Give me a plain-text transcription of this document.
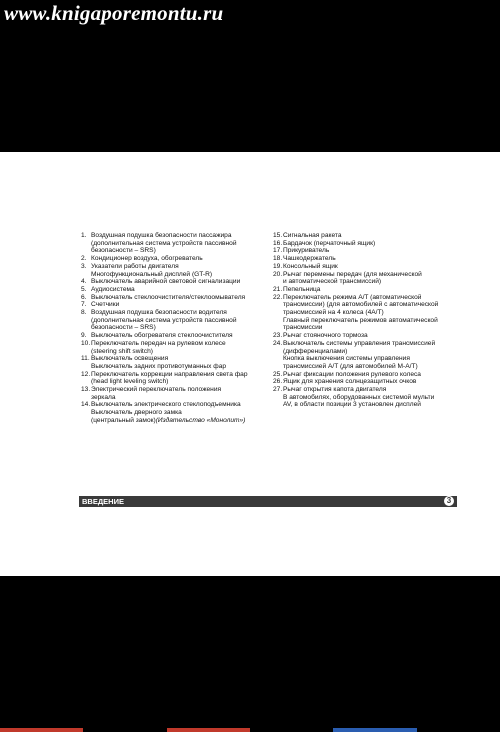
www.knigaporemontu.ru
1. Воздушная подушка безопасности пассажира
(дополнительная система устройств пассивной
безопасности – SRS)
2. Кондиционер воздуха, обогреватель
3. Указатели работы двигателя
Многофункциональный дисплей (GT-R)
4. Выключатель аварийной световой сигнализации
5. Аудиосистема
6. Выключатель стеклоочистителя/стеклоомывателя
7. Счетчики
8. Воздушная подушка безопасности водителя
(дополнительная система устройств пассивной
безопасности – SRS)
9. Выключатель обогревателя стеклоочистителя
10. Переключатель передач на рулевом колесе
(steering shift switch)
11. Выключатель освещения
Выключатель задних противотуманных фар
12. Переключатель коррекции направления света фар
(head light leveling switch)
13. Электрический переключатель положения
зеркала
14. Выключатель электрического стеклоподъемника
Выключатель дверного замка
(центральный замок)(Издательство «Монолит»)
15. Сигнальная ракета
16. Бардачок (перчаточный ящик)
17. Прикуриватель
18. Чашкодержатель
19. Консольный ящик
20. Рычаг перемены передач (для механической
и автоматической трансмиссий)
21. Пепельница
22. Переключатель режима A/T (автоматической
трансмиссии) (для автомобилей с автоматической
трансмиссией на 4 колеса (4A/T)
Главный переключатель режимов автоматической
трансмиссии
23. Рычаг стояночного тормоза
24. Выключатель системы управления трансмиссией
(дифференциалами)
Кнопка выключения системы управления
трансмиссией A/T (для автомобилей M-A/T)
25. Рычаг фиксации положения рулевого колеса
26. Ящик для хранения солнцезащитных очков
27. Рычаг открытия капота двигателя
В автомобилях, оборудованных системой мульти
AV, в области позиции 3 установлен дисплей
ВВЕДЕНИЕ	3
